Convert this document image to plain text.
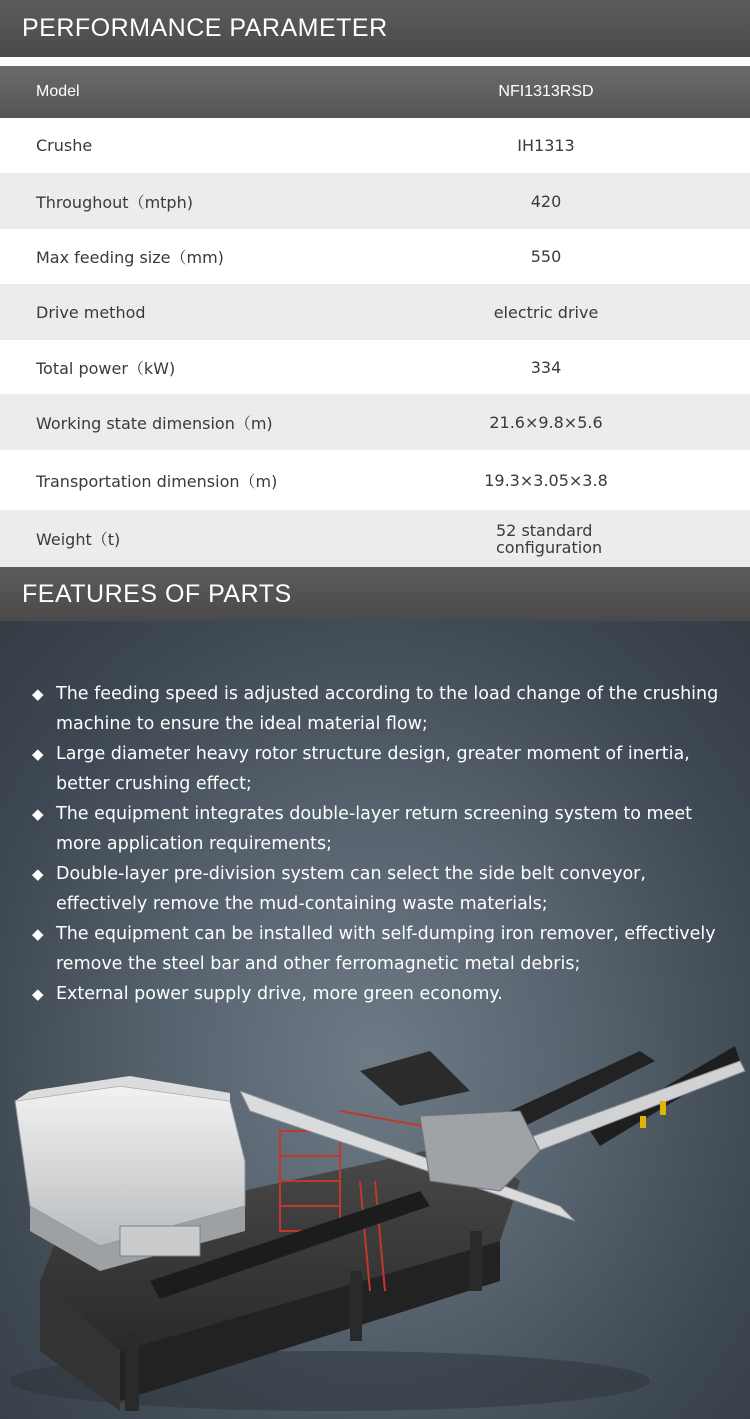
PERFORMANCE PARAMETER
Model	NFI1313RSD
Crushe	IH1313
Throughout（mtph)	420
Max feeding size（mm)	550
Drive method	electric drive
Total power（kW)	334
Working state dimension（m)	21.6×9.8×5.6
Transportation dimension（m)	19.3×3.05×3.8
Weight（t)	52 standard
configuration
FEATURES OF PARTS
◆ The feeding speed is adjusted according to the load change of the crushing machine to ensure the ideal material flow;
◆ Large diameter heavy rotor structure design, greater moment of inertia, better crushing effect;
◆ The equipment integrates double-layer return screening system to meet more application requirements;
◆ Double-layer pre-division system can select the side belt conveyor, effectively remove the mud-containing waste materials;
◆ The equipment can be installed with self-dumping iron remover, effectively remove the steel bar and other ferromagnetic metal debris;
◆ External power supply drive, more green economy.
